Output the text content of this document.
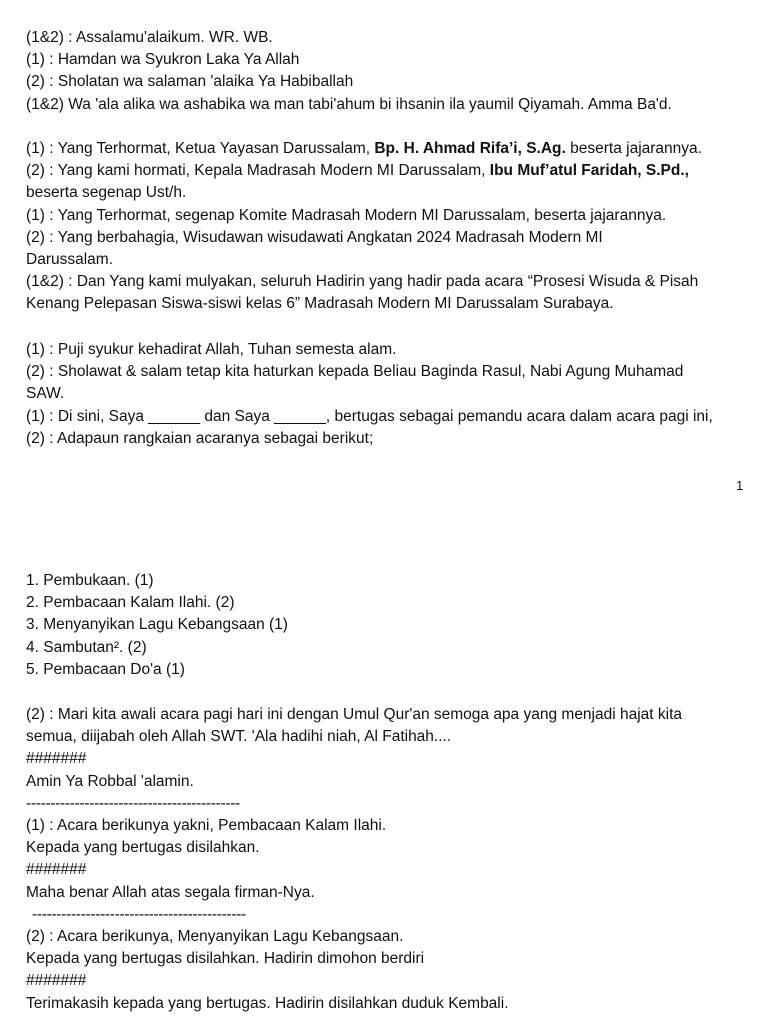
(1&2) : Assalamu'alaikum. WR. WB.
(1) : Hamdan wa Syukron Laka Ya Allah
(2) : Sholatan wa salaman 'alaika Ya Habiballah
(1&2) Wa 'ala alika wa ashabika wa man tabi'ahum bi ihsanin ila yaumil Qiyamah. Amma Ba'd.
(1) : Yang Terhormat, Ketua Yayasan Darussalam, Bp. H. Ahmad Rifa’i, S.Ag. beserta jajarannya.
(2) : Yang kami hormati, Kepala Madrasah Modern MI Darussalam, Ibu Muf’atul Faridah, S.Pd.,
beserta segenap Ust/h.
(1) : Yang Terhormat, segenap Komite Madrasah Modern MI Darussalam, beserta jajarannya.
(2) : Yang berbahagia, Wisudawan wisudawati Angkatan 2024 Madrasah Modern MI
Darussalam.
(1&2) : Dan Yang kami mulyakan, seluruh Hadirin yang hadir pada acara “Prosesi Wisuda & Pisah
Kenang Pelepasan Siswa-siswi kelas 6” Madrasah Modern MI Darussalam Surabaya.
(1) : Puji syukur kehadirat Allah, Tuhan semesta alam.
(2) : Sholawat & salam tetap kita haturkan kepada Beliau Baginda Rasul, Nabi Agung Muhamad
SAW.
(1) : Di sini, Saya ______ dan Saya ______, bertugas sebagai pemandu acara dalam acara pagi ini,
(2) : Adapaun rangkaian acaranya sebagai berikut;
1
1. Pembukaan. (1)
2. Pembacaan Kalam Ilahi. (2)
3. Menyanyikan Lagu Kebangsaan (1)
4. Sambutan². (2)
5. Pembacaan Do'a (1)
(2) : Mari kita awali acara pagi hari ini dengan Umul Qur'an semoga apa yang menjadi hajat kita
semua, diijabah oleh Allah SWT. 'Ala hadihi niah, Al Fatihah....
#######
Amin Ya Robbal 'alamin.
--------------------------------------------
(1) : Acara berikunya yakni, Pembacaan Kalam Ilahi.
Kepada yang bertugas disilahkan.
#######
Maha benar Allah atas segala firman-Nya.
--------------------------------------------
(2) : Acara berikunya, Menyanyikan Lagu Kebangsaan.
Kepada yang bertugas disilahkan. Hadirin dimohon berdiri
#######
Terimakasih kepada yang bertugas. Hadirin disilahkan duduk Kembali.
